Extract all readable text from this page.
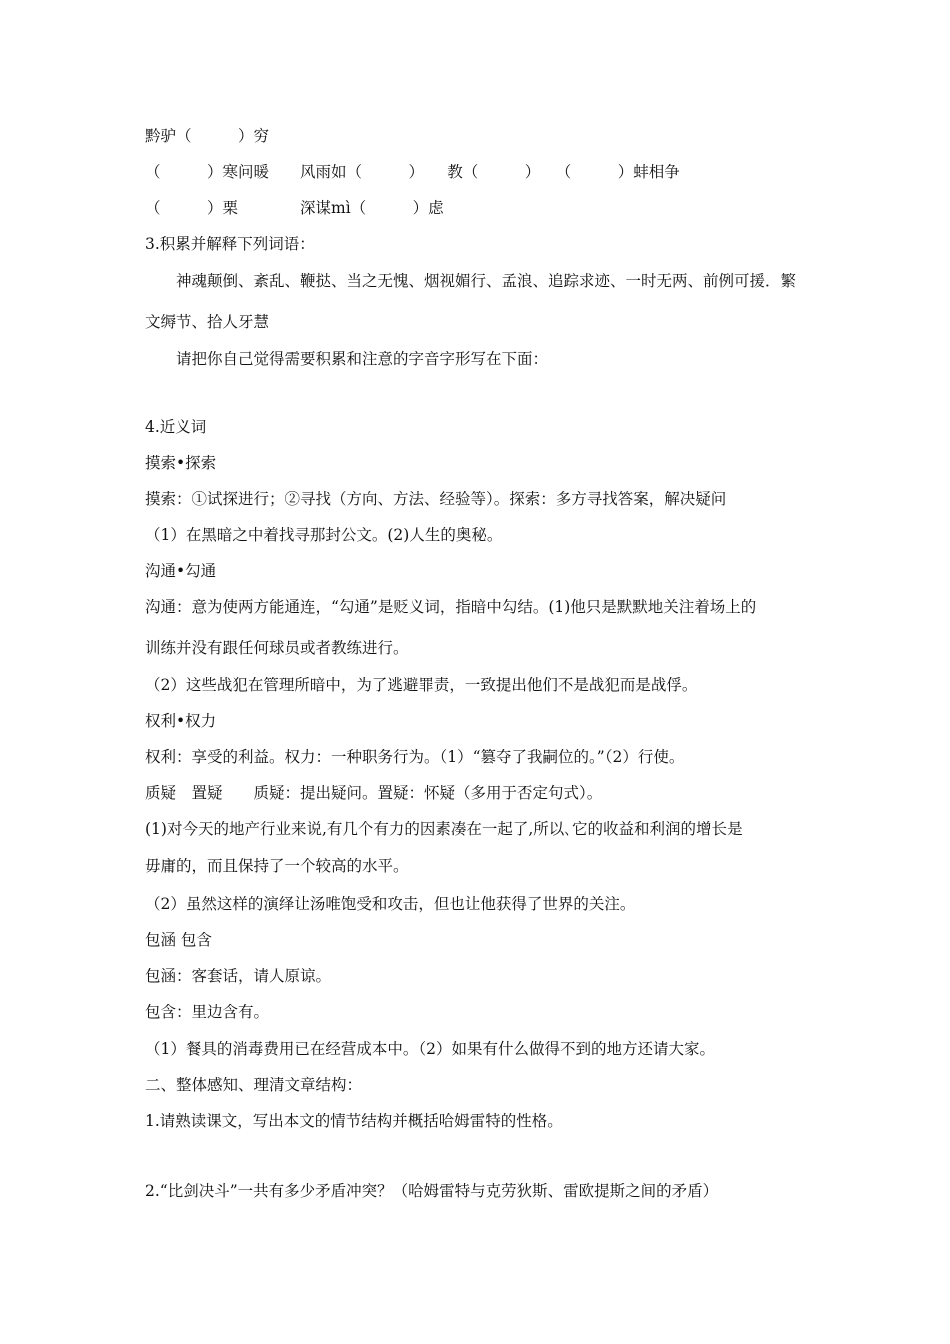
黔驴（　　　）穷
（　　　）寒问暖　　风雨如（　　　）　　教（　　　）　　（　　　）蚌相争
（　　　）栗　　　　深谋mì（　　　）虑
3.积累并解释下列词语：
神魂颠倒、紊乱、鞭挞、当之无愧、烟视媚行、孟浪、追踪求迹、一时无两、前例可援．繁
文缛节、拾人牙慧
请把你自己觉得需要积累和注意的字音字形写在下面：
4.近义词
摸索•探索
摸索：①试探进行；②寻找（方向、方法、经验等）。探索：多方寻找答案，解决疑问
（1）在黑暗之中着找寻那封公文。(2)人生的奥秘。
沟通•勾通
沟通：意为使两方能通连，“勾通”是贬义词，指暗中勾结。(1)他只是默默地关注着场上的
训练并没有跟任何球员或者教练进行。
（2）这些战犯在管理所暗中，为了逃避罪责，一致提出他们不是战犯而是战俘。
权利•权力
权利：享受的利益。权力：一种职务行为。（1）“篡夺了我嗣位的。”（2）行使。
质疑　置疑　　质疑：提出疑问。置疑：怀疑（多用于否定句式）。
(1)对今天的地产行业来说,有几个有力的因素凑在一起了,所以､它的收益和利润的增长是
毋庸的，而且保持了一个较高的水平。
（2）虽然这样的演绎让汤唯饱受和攻击，但也让他获得了世界的关注。
包涵 包含
包涵：客套话，请人原谅。
包含：里边含有。
（1）餐具的消毒费用已在经营成本中。（2）如果有什么做得不到的地方还请大家。
二、整体感知、理清文章结构：
1.请熟读课文，写出本文的情节结构并概括哈姆雷特的性格。
2.“比剑决斗”一共有多少矛盾冲突？（哈姆雷特与克劳狄斯、雷欧提斯之间的矛盾）
